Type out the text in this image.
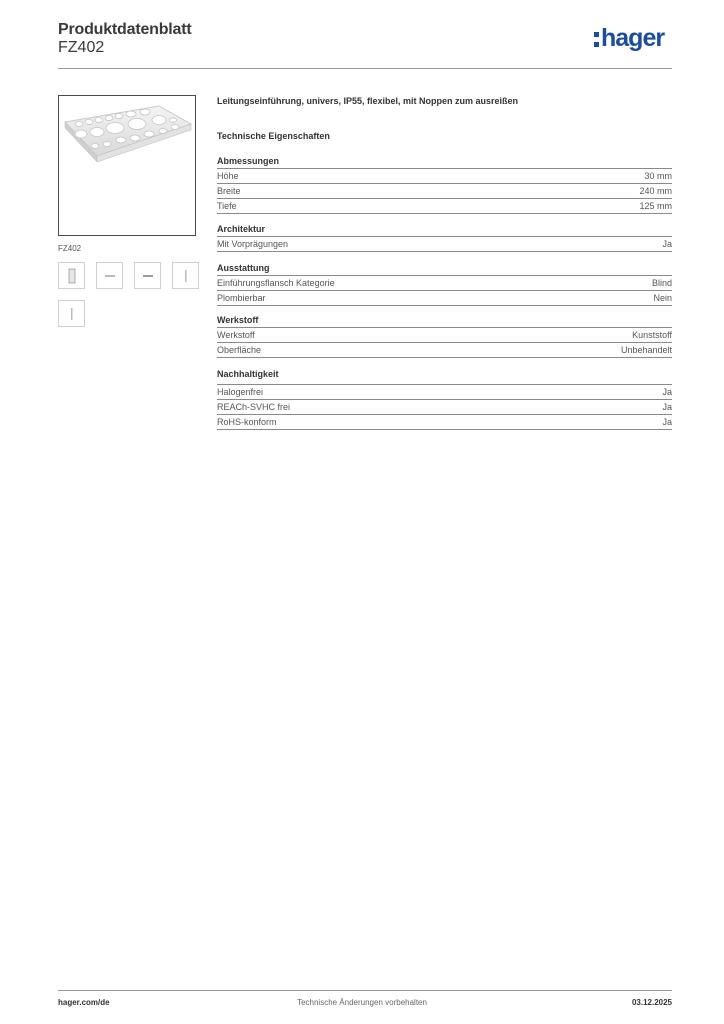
Produktdatenblatt
FZ402	hager
FZ402
Leitungseinführung, univers, IP55, flexibel, mit Noppen zum ausreißen
Technische Eigenschaften
Abmessungen
Höhe	30 mm
Breite	240 mm
Tiefe	125 mm
Architektur
Mit Vorprägungen	Ja
Ausstattung
Einführungsflansch Kategorie	Blind
Plombierbar	Nein
Werkstoff
Werkstoff	Kunststoff
Oberfläche	Unbehandelt
Nachhaltigkeit
Halogenfrei	Ja
REACh-SVHC frei	Ja
RoHS-konform	Ja
hager.com/de	Technische Änderungen vorbehalten	03.12.2025
